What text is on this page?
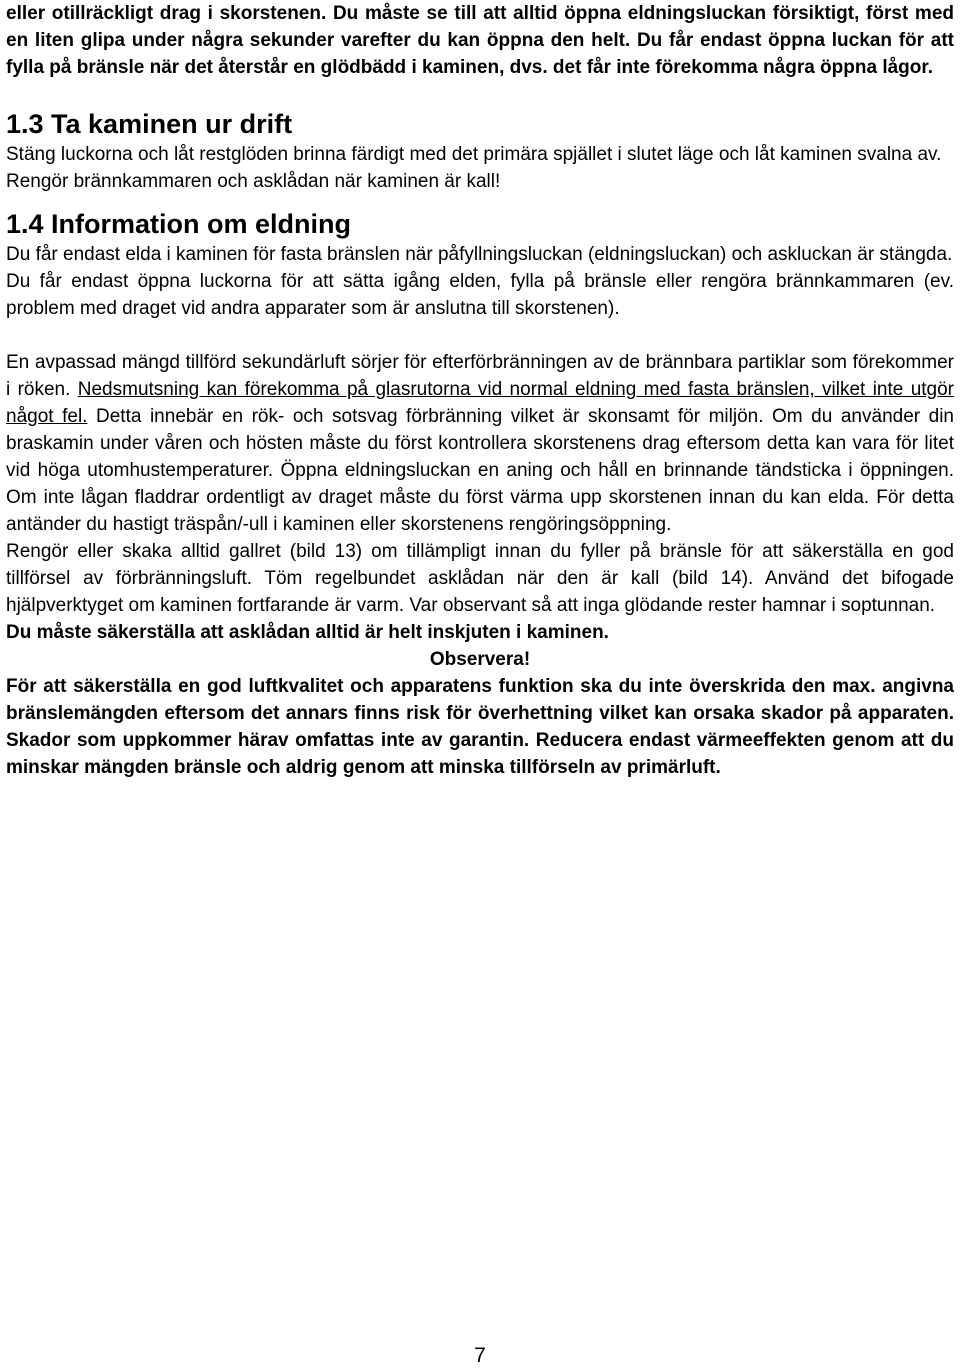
eller otillräckligt drag i skorstenen. Du måste se till att alltid öppna eldningsluckan försiktigt, först med en liten glipa under några sekunder varefter du kan öppna den helt. Du får endast öppna luckan för att fylla på bränsle när det återstår en glödbädd i kaminen, dvs. det får inte förekomma några öppna lågor.

1.3 Ta kaminen ur drift

Stäng luckorna och låt restglöden brinna färdigt med det primära spjället i slutet läge och låt kaminen svalna av.

Rengör brännkammaren och asklådan när kaminen är kall!

1.4 Information om eldning

Du får endast elda i kaminen för fasta bränslen när påfyllningsluckan (eldningsluckan) och askluckan är stängda.

Du får endast öppna luckorna för att sätta igång elden, fylla på bränsle eller rengöra brännkammaren (ev. problem med draget vid andra apparater som är anslutna till skorstenen).

En avpassad mängd tillförd sekundärluft sörjer för efterförbränningen av de brännbara partiklar som förekommer i röken. Nedsmutsning kan förekomma på glasrutorna vid normal eldning med fasta bränslen, vilket inte utgör något fel. Detta innebär en rök- och sotsvag förbränning vilket är skonsamt för miljön. Om du använder din braskamin under våren och hösten måste du först kontrollera skorstenens drag eftersom detta kan vara för litet vid höga utomhustemperaturer. Öppna eldningsluckan en aning och håll en brinnande tändsticka i öppningen. Om inte lågan fladdrar ordentligt av draget måste du först värma upp skorstenen innan du kan elda. För detta antänder du hastigt träspån/-ull i kaminen eller skorstenens rengöringsöppning.

Rengör eller skaka alltid gallret (bild 13) om tillämpligt innan du fyller på bränsle för att säkerställa en god tillförsel av förbränningsluft. Töm regelbundet asklådan när den är kall (bild 14). Använd det bifogade hjälpverktyget om kaminen fortfarande är varm. Var observant så att inga glödande rester hamnar i soptunnan.

Du måste säkerställa att asklådan alltid är helt inskjuten i kaminen.

Observera!

För att säkerställa en god luftkvalitet och apparatens funktion ska du inte överskrida den max. angivna bränslemängden eftersom det annars finns risk för överhettning vilket kan orsaka skador på apparaten. Skador som uppkommer härav omfattas inte av garantin. Reducera endast värmeeffekten genom att du minskar mängden bränsle och aldrig genom att minska tillförseln av primärluft.

7
